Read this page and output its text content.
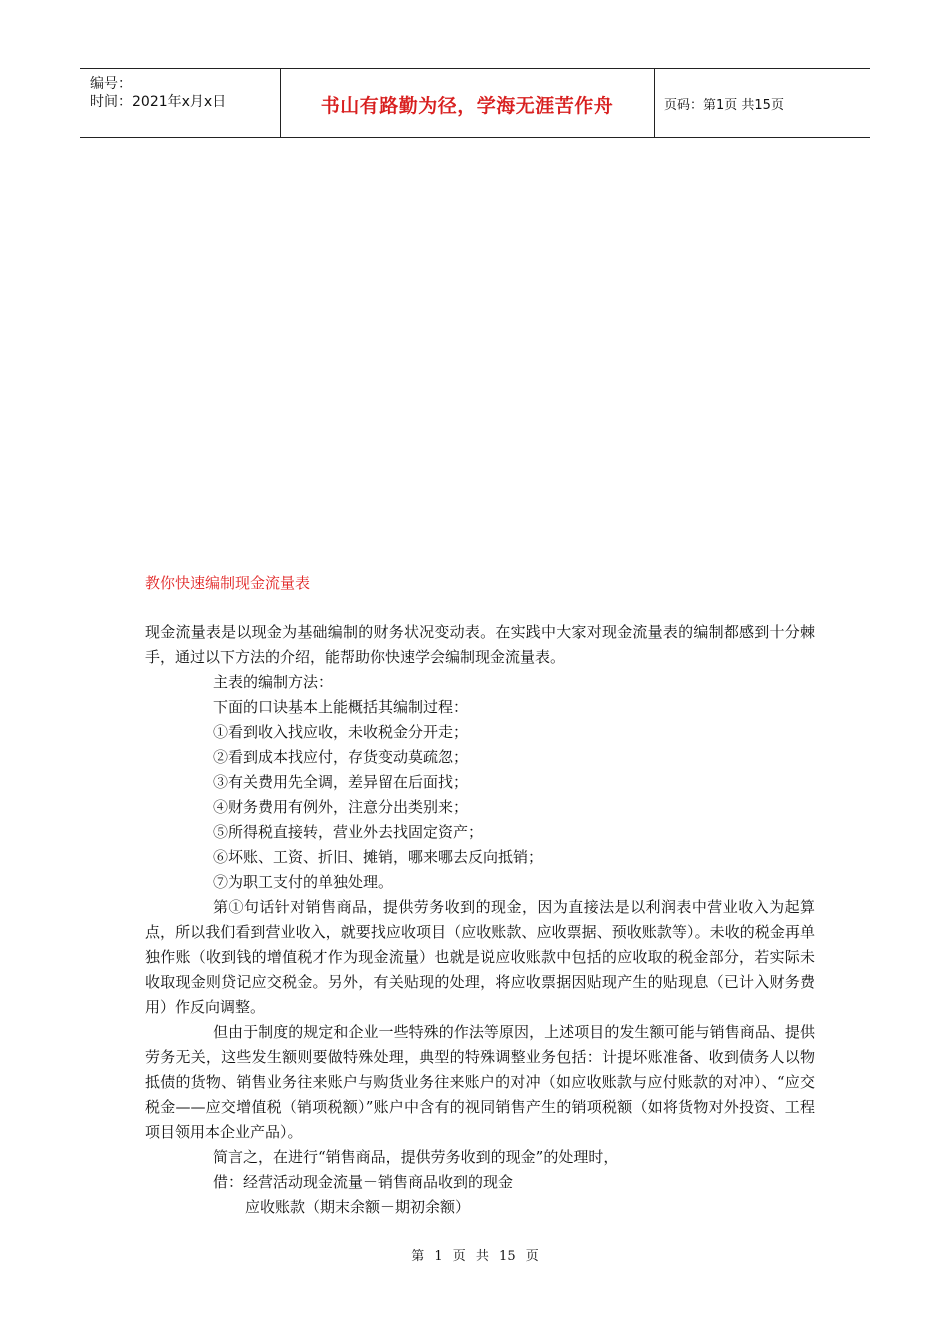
编号：
时间：2021年x月x日	书山有路勤为径，学海无涯苦作舟	页码：第1页 共15页
教你快速编制现金流量表

现金流量表是以现金为基础编制的财务状况变动表。在实践中大家对现金流量表的编制都感到十分棘手，通过以下方法的介绍，能帮助你快速学会编制现金流量表。

主表的编制方法：

下面的口诀基本上能概括其编制过程：

①看到收入找应收，未收税金分开走；

②看到成本找应付，存货变动莫疏忽；

③有关费用先全调，差异留在后面找；

④财务费用有例外，注意分出类别来；

⑤所得税直接转，营业外去找固定资产；

⑥坏账、工资、折旧、摊销，哪来哪去反向抵销；

⑦为职工支付的单独处理。

第①句话针对销售商品，提供劳务收到的现金，因为直接法是以利润表中营业收入为起算点，所以我们看到营业收入，就要找应收项目（应收账款、应收票据、预收账款等）。未收的税金再单独作账（收到钱的增值税才作为现金流量）也就是说应收账款中包括的应收取的税金部分，若实际未收取现金则贷记应交税金。另外，有关贴现的处理，将应收票据因贴现产生的贴现息（已计入财务费用）作反向调整。

但由于制度的规定和企业一些特殊的作法等原因，上述项目的发生额可能与销售商品、提供劳务无关，这些发生额则要做特殊处理，典型的特殊调整业务包括：计提坏账准备、收到债务人以物抵债的货物、销售业务往来账户与购货业务往来账户的对冲（如应收账款与应付账款的对冲）、“应交税金——应交增值税（销项税额）”账户中含有的视同销售产生的销项税额（如将货物对外投资、工程项目领用本企业产品）。

简言之，在进行“销售商品，提供劳务收到的现金”的处理时，

借：经营活动现金流量－销售商品收到的现金

应收账款（期末余额－期初余额）

第 1 页 共 15 页
